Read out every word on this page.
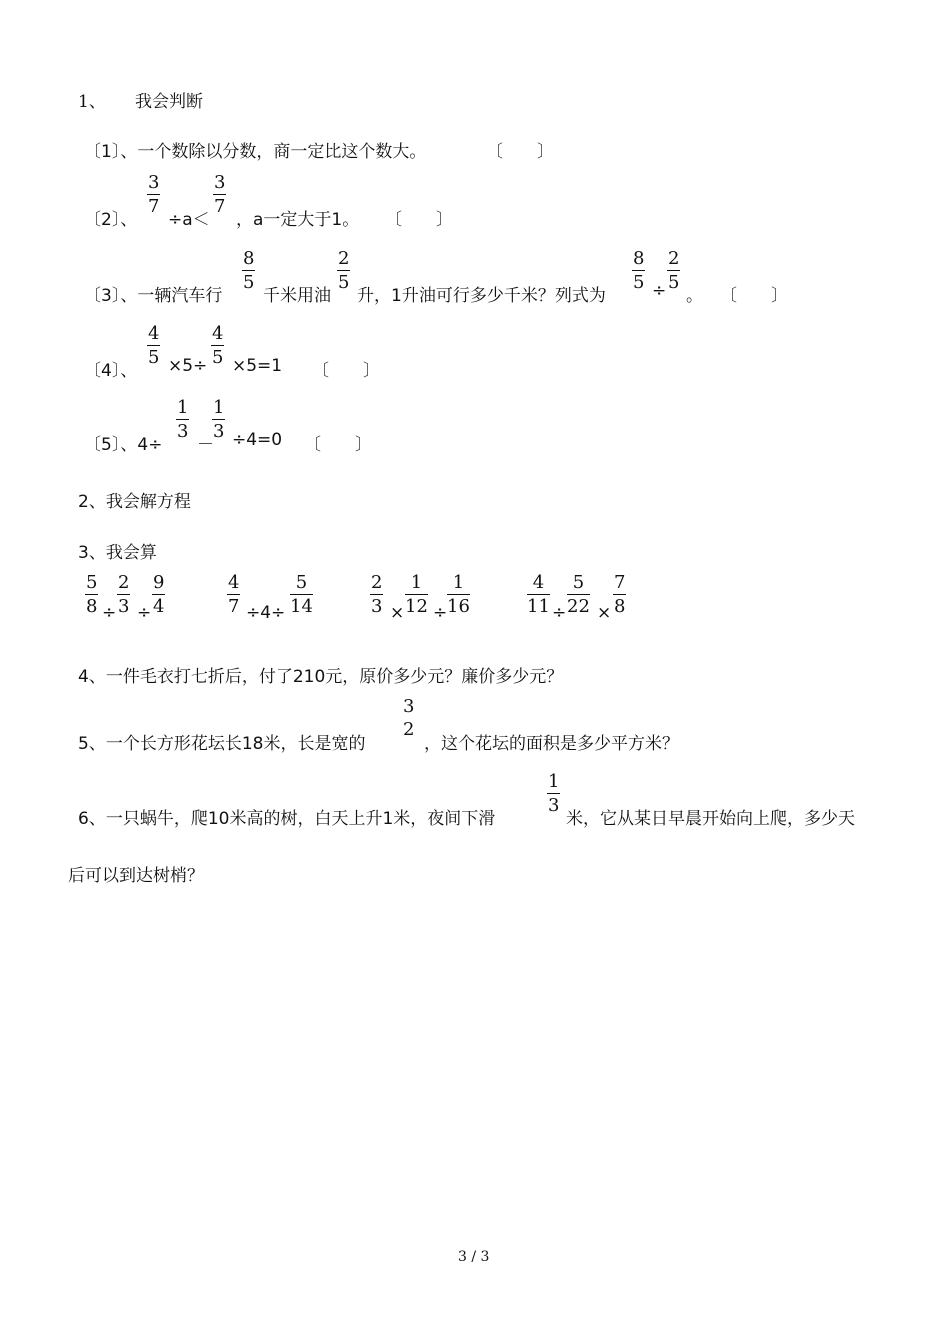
1、 我会判断
〔1〕、一个数除以分数，商一定比这个数大。	〔　　〕
〔2〕、
$\frac{3}{7}$
÷a＜
$\frac{3}{7}$
，a一定大于1。 〔　　〕
〔3〕、一辆汽车行
$\frac{8}{5}$
千米用油
$\frac{2}{5}$
升，1升油可行多少千米？列式为
$\frac{8}{5} \div \frac{2}{5}$
。 〔　　〕
〔4〕、
$\frac{4}{5} \times 5\div \frac{4}{5} \times 5=1$ 〔　　〕
〔5〕、4÷
$\frac{1}{3}$
－
$\frac{1}{3} \div 4=0$ 〔　　〕
2、我会解方程
3、我会算
$\frac{5}{8} \div \frac{2}{3} \div \frac{9}{4}$	$\frac{4}{7} \div 4\div \frac{5}{14}$	$\frac{2}{3} \times \frac{1}{12} \div \frac{1}{16}$	$\frac{4}{11} \div \frac{5}{22} \times \frac{7}{8}$
4、一件毛衣打七折后，付了210元，原价多少元？廉价多少元？
5、一个长方形花坛长18米，长是宽的
3
2
，这个花坛的面积是多少平方米？
6、一只蜗牛，爬10米高的树，白天上升1米，夜间下滑
$\frac{1}{3}$
米，它从某日早晨开始向上爬，多少天
后可以到达树梢？
3 / 3
